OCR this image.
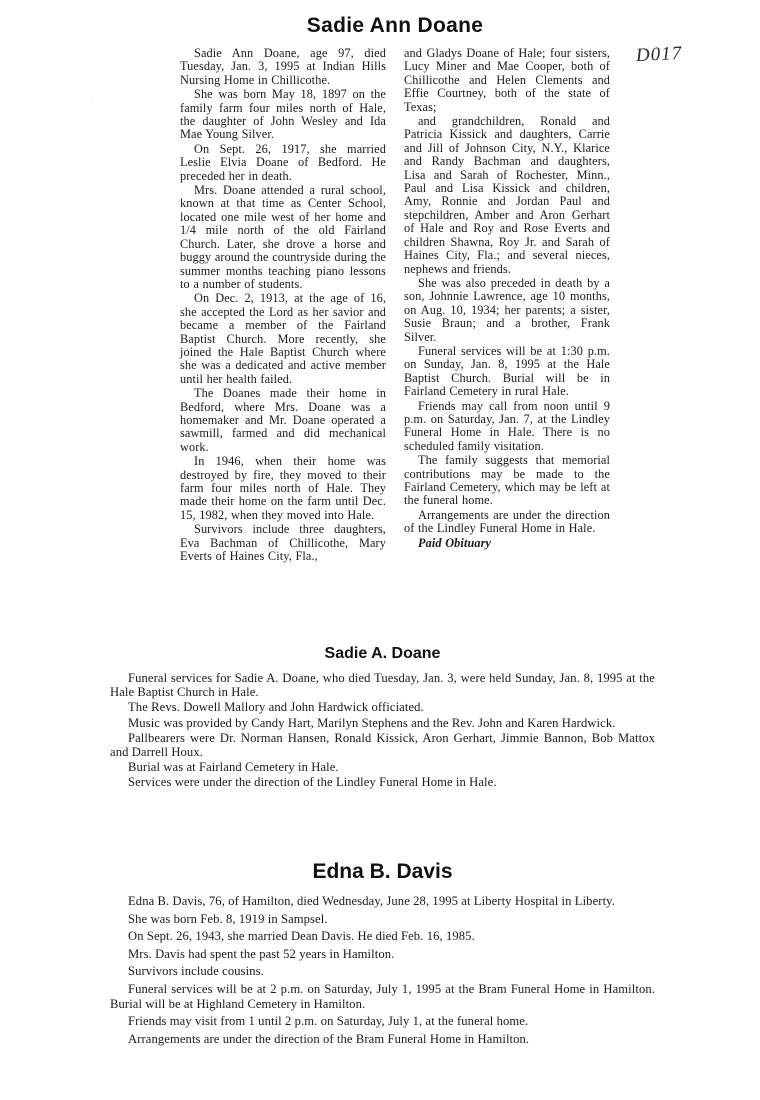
D017
Sadie Ann Doane

Sadie Ann Doane, age 97, died Tuesday, Jan. 3, 1995 at Indian Hills Nursing Home in Chillicothe.

She was born May 18, 1897 on the family farm four miles north of Hale, the daughter of John Wesley and Ida Mae Young Silver.

On Sept. 26, 1917, she married Leslie Elvia Doane of Bedford. He preceded her in death.

Mrs. Doane attended a rural school, known at that time as Center School, located one mile west of her home and 1/4 mile north of the old Fairland Church. Later, she drove a horse and buggy around the countryside during the summer months teaching piano lessons to a number of students.

On Dec. 2, 1913, at the age of 16, she accepted the Lord as her savior and became a member of the Fairland Baptist Church. More recently, she joined the Hale Baptist Church where she was a dedicated and active member until her health failed.

The Doanes made their home in Bedford, where Mrs. Doane was a homemaker and Mr. Doane operated a sawmill, farmed and did mechanical work.

In 1946, when their home was destroyed by fire, they moved to their farm four miles north of Hale. They made their home on the farm until Dec. 15, 1982, when they moved into Hale.

Survivors include three daughters, Eva Bachman of Chillicothe, Mary Everts of Haines City, Fla.,

and Gladys Doane of Hale; four sisters, Lucy Miner and Mae Cooper, both of Chillicothe and Helen Clements and Effie Courtney, both of the state of Texas;

and grandchildren, Ronald and Patricia Kissick and daughters, Carrie and Jill of Johnson City, N.Y., Klarice and Randy Bachman and daughters, Lisa and Sarah of Rochester, Minn., Paul and Lisa Kissick and children, Amy, Ronnie and Jordan Paul and stepchildren, Amber and Aron Gerhart of Hale and Roy and Rose Everts and children Shawna, Roy Jr. and Sarah of Haines City, Fla.; and several nieces, nephews and friends.

She was also preceded in death by a son, Johnnie Lawrence, age 10 months, on Aug. 10, 1934; her parents; a sister, Susie Braun; and a brother, Frank Silver.

Funeral services will be at 1:30 p.m. on Sunday, Jan. 8, 1995 at the Hale Baptist Church. Burial will be in Fairland Cemetery in rural Hale.

Friends may call from noon until 9 p.m. on Saturday, Jan. 7, at the Lindley Funeral Home in Hale. There is no scheduled family visitation.

The family suggests that memorial contributions may be made to the Fairland Cemetery, which may be left at the funeral home.

Arrangements are under the direction of the Lindley Funeral Home in Hale.

Paid Obituary

Sadie A. Doane

Funeral services for Sadie A. Doane, who died Tuesday, Jan. 3, were held Sunday, Jan. 8, 1995 at the Hale Baptist Church in Hale.

The Revs. Dowell Mallory and John Hardwick officiated.

Music was provided by Candy Hart, Marilyn Stephens and the Rev. John and Karen Hardwick.

Pallbearers were Dr. Norman Hansen, Ronald Kissick, Aron Gerhart, Jimmie Bannon, Bob Mattox and Darrell Houx.

Burial was at Fairland Cemetery in Hale.

Services were under the direction of the Lindley Funeral Home in Hale.

Edna B. Davis

Edna B. Davis, 76, of Hamilton, died Wednesday, June 28, 1995 at Liberty Hospital in Liberty.

She was born Feb. 8, 1919 in Sampsel.

On Sept. 26, 1943, she married Dean Davis. He died Feb. 16, 1985.

Mrs. Davis had spent the past 52 years in Hamilton.

Survivors include cousins.

Funeral services will be at 2 p.m. on Saturday, July 1, 1995 at the Bram Funeral Home in Hamilton. Burial will be at Highland Cemetery in Hamilton.

Friends may visit from 1 until 2 p.m. on Saturday, July 1, at the funeral home.

Arrangements are under the direction of the Bram Funeral Home in Hamilton.
